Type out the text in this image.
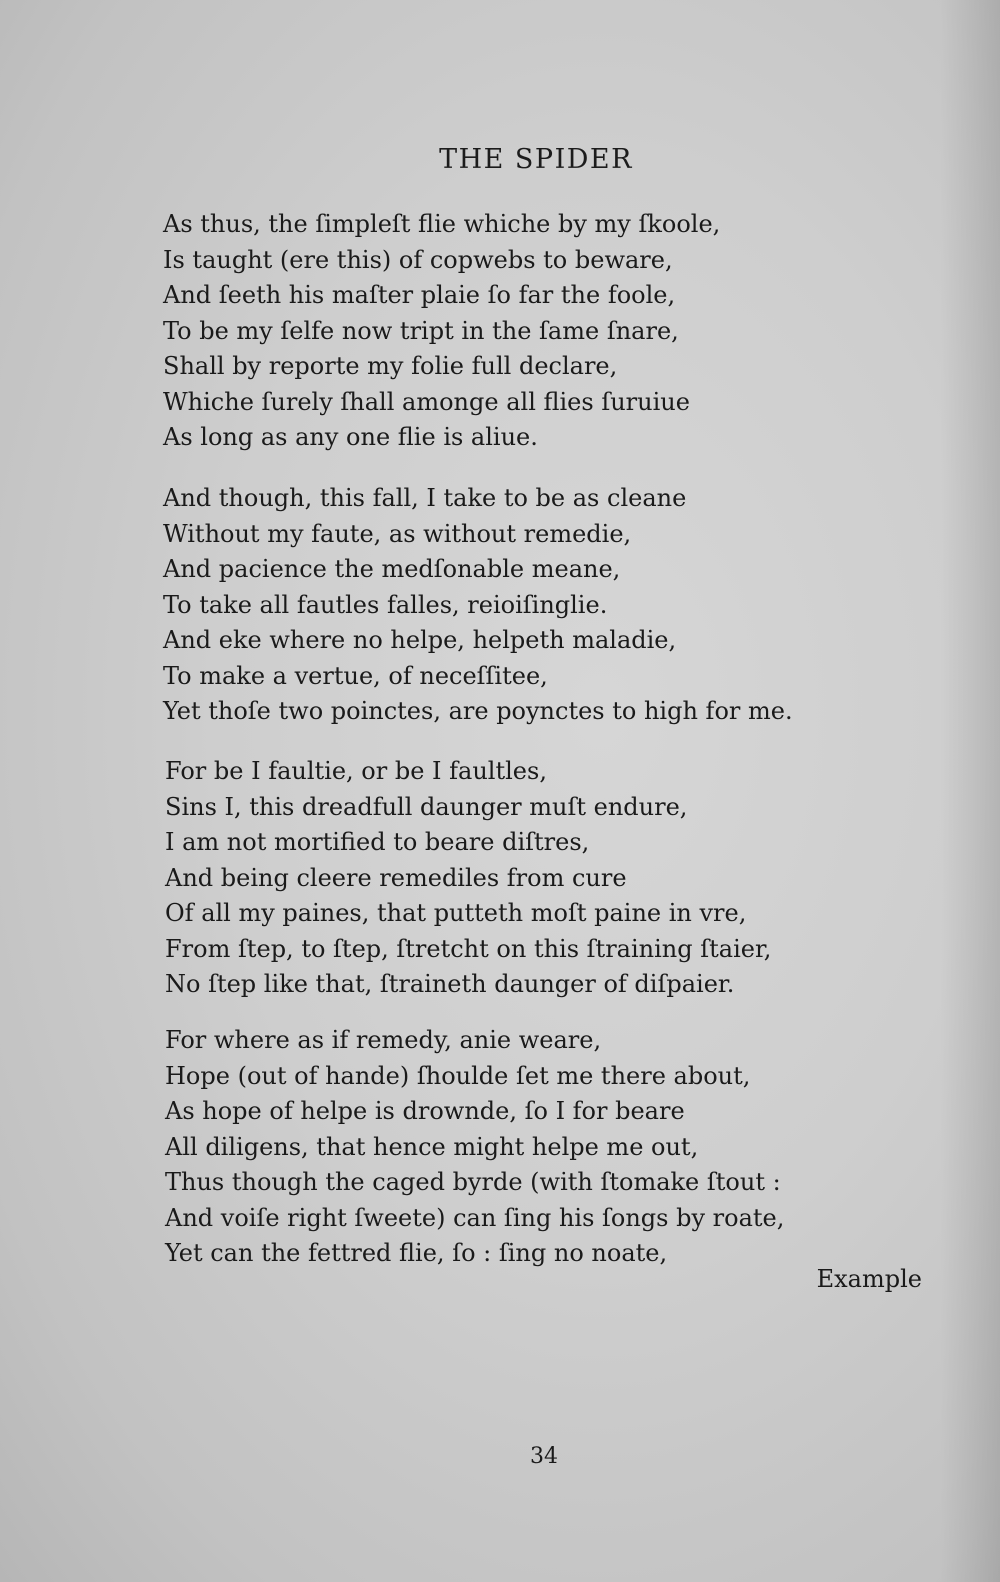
THE SPIDER
As thus, the ſimpleſt flie whiche by my ſkoole,
Is taught (ere this) of copwebs to beware,
And ſeeth his maſter plaie ſo far the foole,
To be my ſelfe now tript in the ſame ſnare,
Shall by reporte my folie full declare,
Whiche ſurely ſhall amonge all flies ſuruiue
As long as any one flie is aliue.
And though, this fall, I take to be as cleane
Without my faute, as without remedie,
And pacience the medſonable meane,
To take all fautles falles, reioiſinglie.
And eke where no helpe, helpeth maladie,
To make a vertue, of neceſſitee,
Yet thoſe two poinctes, are poynctes to high for me.
For be I faultie, or be I faultles,
Sins I, this dreadfull daunger muſt endure,
I am not mortified to beare diſtres,
And being cleere remediles from cure
Of all my paines, that putteth moſt paine in vre,
From ſtep, to ſtep, ſtretcht on this ſtraining ſtaier,
No ſtep like that, ſtraineth daunger of diſpaier.
For where as if remedy, anie weare,
Hope (out of hande) ſhoulde ſet me there about,
As hope of helpe is drownde, ſo I for beare
All diligens, that hence might helpe me out,
Thus though the caged byrde (with ſtomake ſtout :
And voiſe right ſweete) can ſing his ſongs by roate,
Yet can the fettred flie, ſo : ſing no noate,
Example
34
